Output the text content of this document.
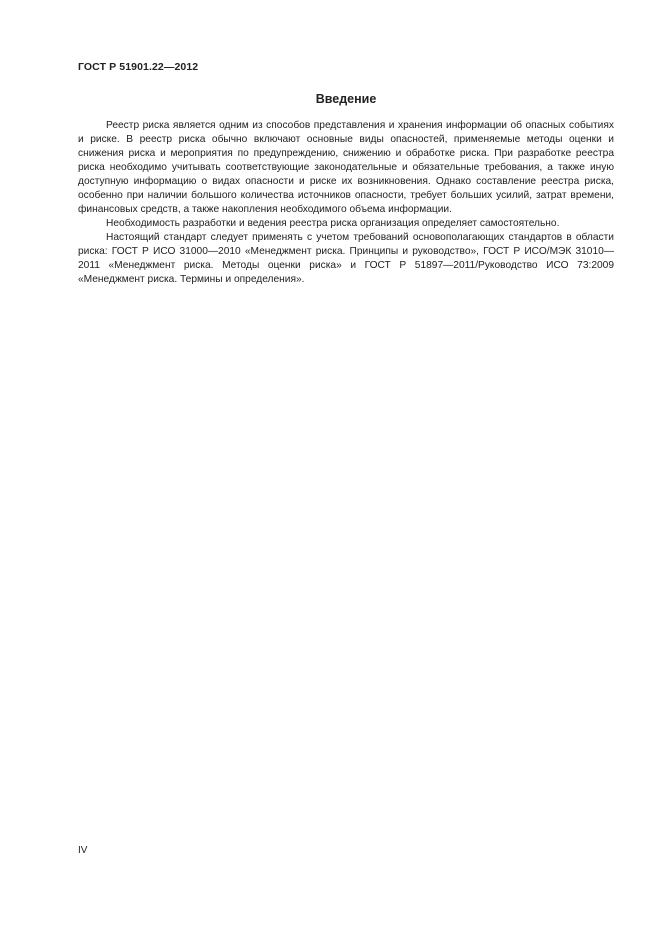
ГОСТ Р 51901.22—2012
Введение

Реестр риска является одним из способов представления и хранения информации об опасных событиях и риске. В реестр риска обычно включают основные виды опасностей, применяемые методы оценки и снижения риска и мероприятия по предупреждению, снижению и обработке риска. При разработке реестра риска необходимо учитывать соответствующие законодательные и обязательные требования, а также иную доступную информацию о видах опасности и риске их возникновения. Однако составление реестра риска, особенно при наличии большого количества источников опасности, требует больших усилий, затрат времени, финансовых средств, а также накопления необходимого объема информации.

Необходимость разработки и ведения реестра риска организация определяет самостоятельно.

Настоящий стандарт следует применять с учетом требований основополагающих стандартов в области риска: ГОСТ Р ИСО 31000—2010 «Менеджмент риска. Принципы и руководство», ГОСТ Р ИСО/МЭК 31010—2011 «Менеджмент риска. Методы оценки риска» и ГОСТ Р 51897—2011/Руководство ИСО 73:2009 «Менеджмент риска. Термины и определения».

IV
